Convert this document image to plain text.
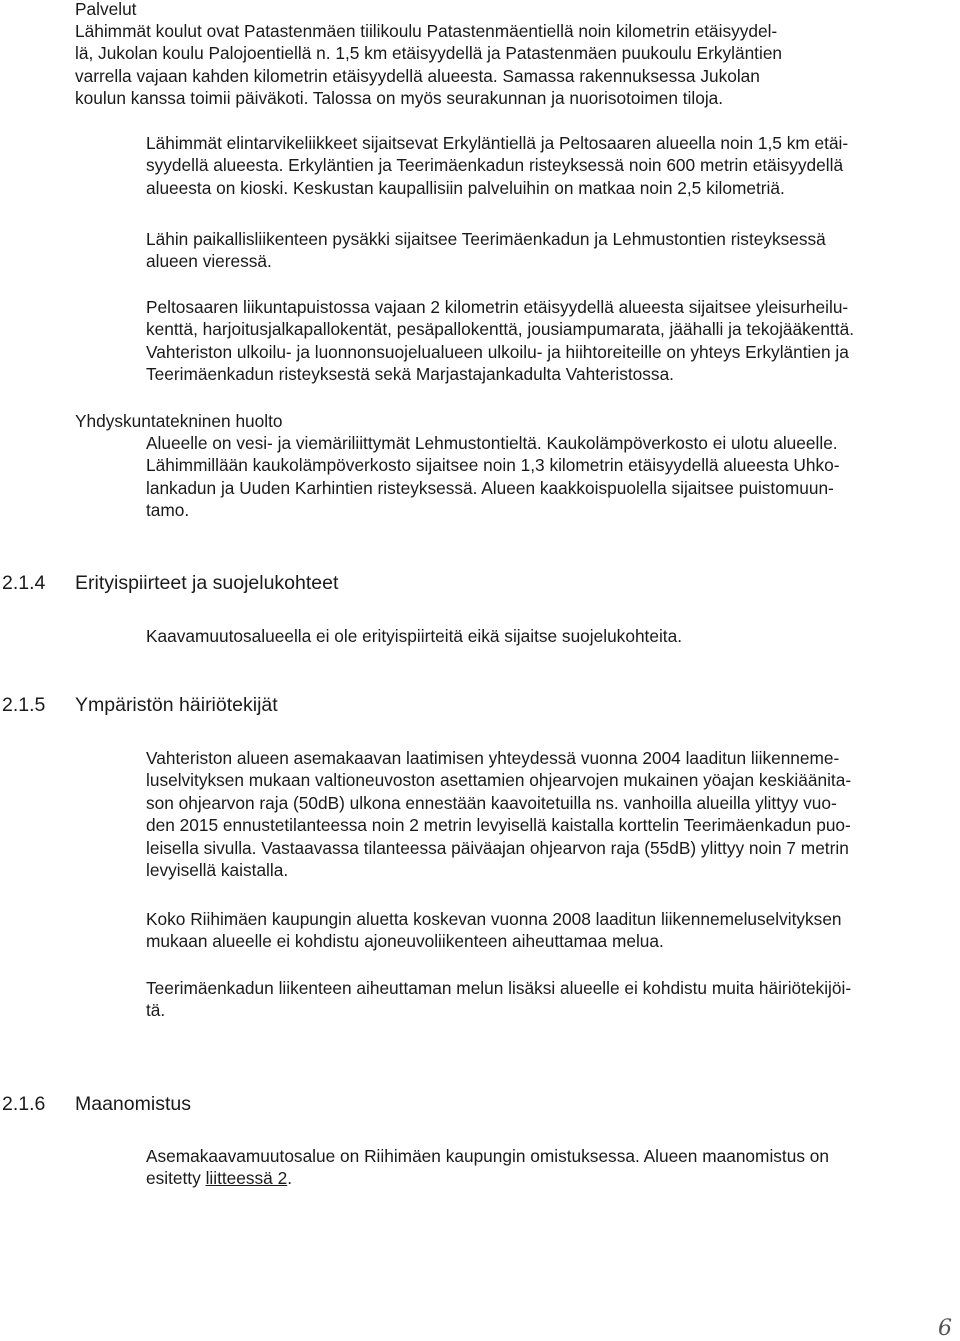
Palvelut
Lähimmät koulut ovat Patastenmäen tiilikoulu Patastenmäentiellä noin kilometrin etäisyydel-
lä, Jukolan koulu Palojoentiellä n. 1,5 km etäisyydellä ja Patastenmäen puukoulu Erkyläntien
varrella vajaan kahden kilometrin etäisyydellä alueesta. Samassa rakennuksessa Jukolan
koulun kanssa toimii päiväkoti. Talossa on myös seurakunnan ja nuorisotoimen tiloja.
Lähimmät elintarvikeliikkeet sijaitsevat Erkyläntiellä ja Peltosaaren alueella noin 1,5 km etäi-
syydellä alueesta. Erkyläntien ja Teerimäenkadun risteyksessä noin 600 metrin etäisyydellä
alueesta on kioski. Keskustan kaupallisiin palveluihin on matkaa noin 2,5 kilometriä.
Lähin paikallisliikenteen pysäkki sijaitsee Teerimäenkadun ja Lehmustontien risteyksessä
alueen vieressä.
Peltosaaren liikuntapuistossa vajaan 2 kilometrin etäisyydellä alueesta sijaitsee yleisurheilu-
kenttä, harjoitusjalkapallokentät, pesäpallokenttä, jousiampumarata, jäähalli ja tekojääkenttä.
Vahteriston ulkoilu- ja luonnonsuojelualueen ulkoilu- ja hiihtoreiteille on yhteys Erkyläntien ja
Teerimäenkadun risteyksestä sekä Marjastajankadulta Vahteristossa.
Yhdyskuntatekninen huolto
Alueelle on vesi- ja viemäriliittymät Lehmustontieltä. Kaukolämpöverkosto ei ulotu alueelle.
Lähimmillään kaukolämpöverkosto sijaitsee noin 1,3 kilometrin etäisyydellä alueesta Uhko-
lankadun ja Uuden Karhintien risteyksessä. Alueen kaakkoispuolella sijaitsee puistomuun-
tamo.
2.1.4 Erityispiirteet ja suojelukohteet
Kaavamuutosalueella ei ole erityispiirteitä eikä sijaitse suojelukohteita.
2.1.5 Ympäristön häiriötekijät
Vahteriston alueen asemakaavan laatimisen yhteydessä vuonna 2004 laaditun liikenneme-
luselvityksen mukaan valtioneuvoston asettamien ohjearvojen mukainen yöajan keskiäänita-
son ohjearvon raja (50dB) ulkona ennestään kaavoitetuilla ns. vanhoilla alueilla ylittyy vuo-
den 2015 ennustetilanteessa noin 2 metrin levyisellä kaistalla korttelin Teerimäenkadun puo-
leisella sivulla. Vastaavassa tilanteessa päiväajan ohjearvon raja (55dB) ylittyy noin 7 metrin
levyisellä kaistalla.
Koko Riihimäen kaupungin aluetta koskevan vuonna 2008 laaditun liikennemeluselvityksen
mukaan alueelle ei kohdistu ajoneuvoliikenteen aiheuttamaa melua.
Teerimäenkadun liikenteen aiheuttaman melun lisäksi alueelle ei kohdistu muita häiriötekijöi-
tä.
2.1.6 Maanomistus
Asemakaavamuutosalue on Riihimäen kaupungin omistuksessa. Alueen maanomistus on
esitetty liitteessä 2.
6
